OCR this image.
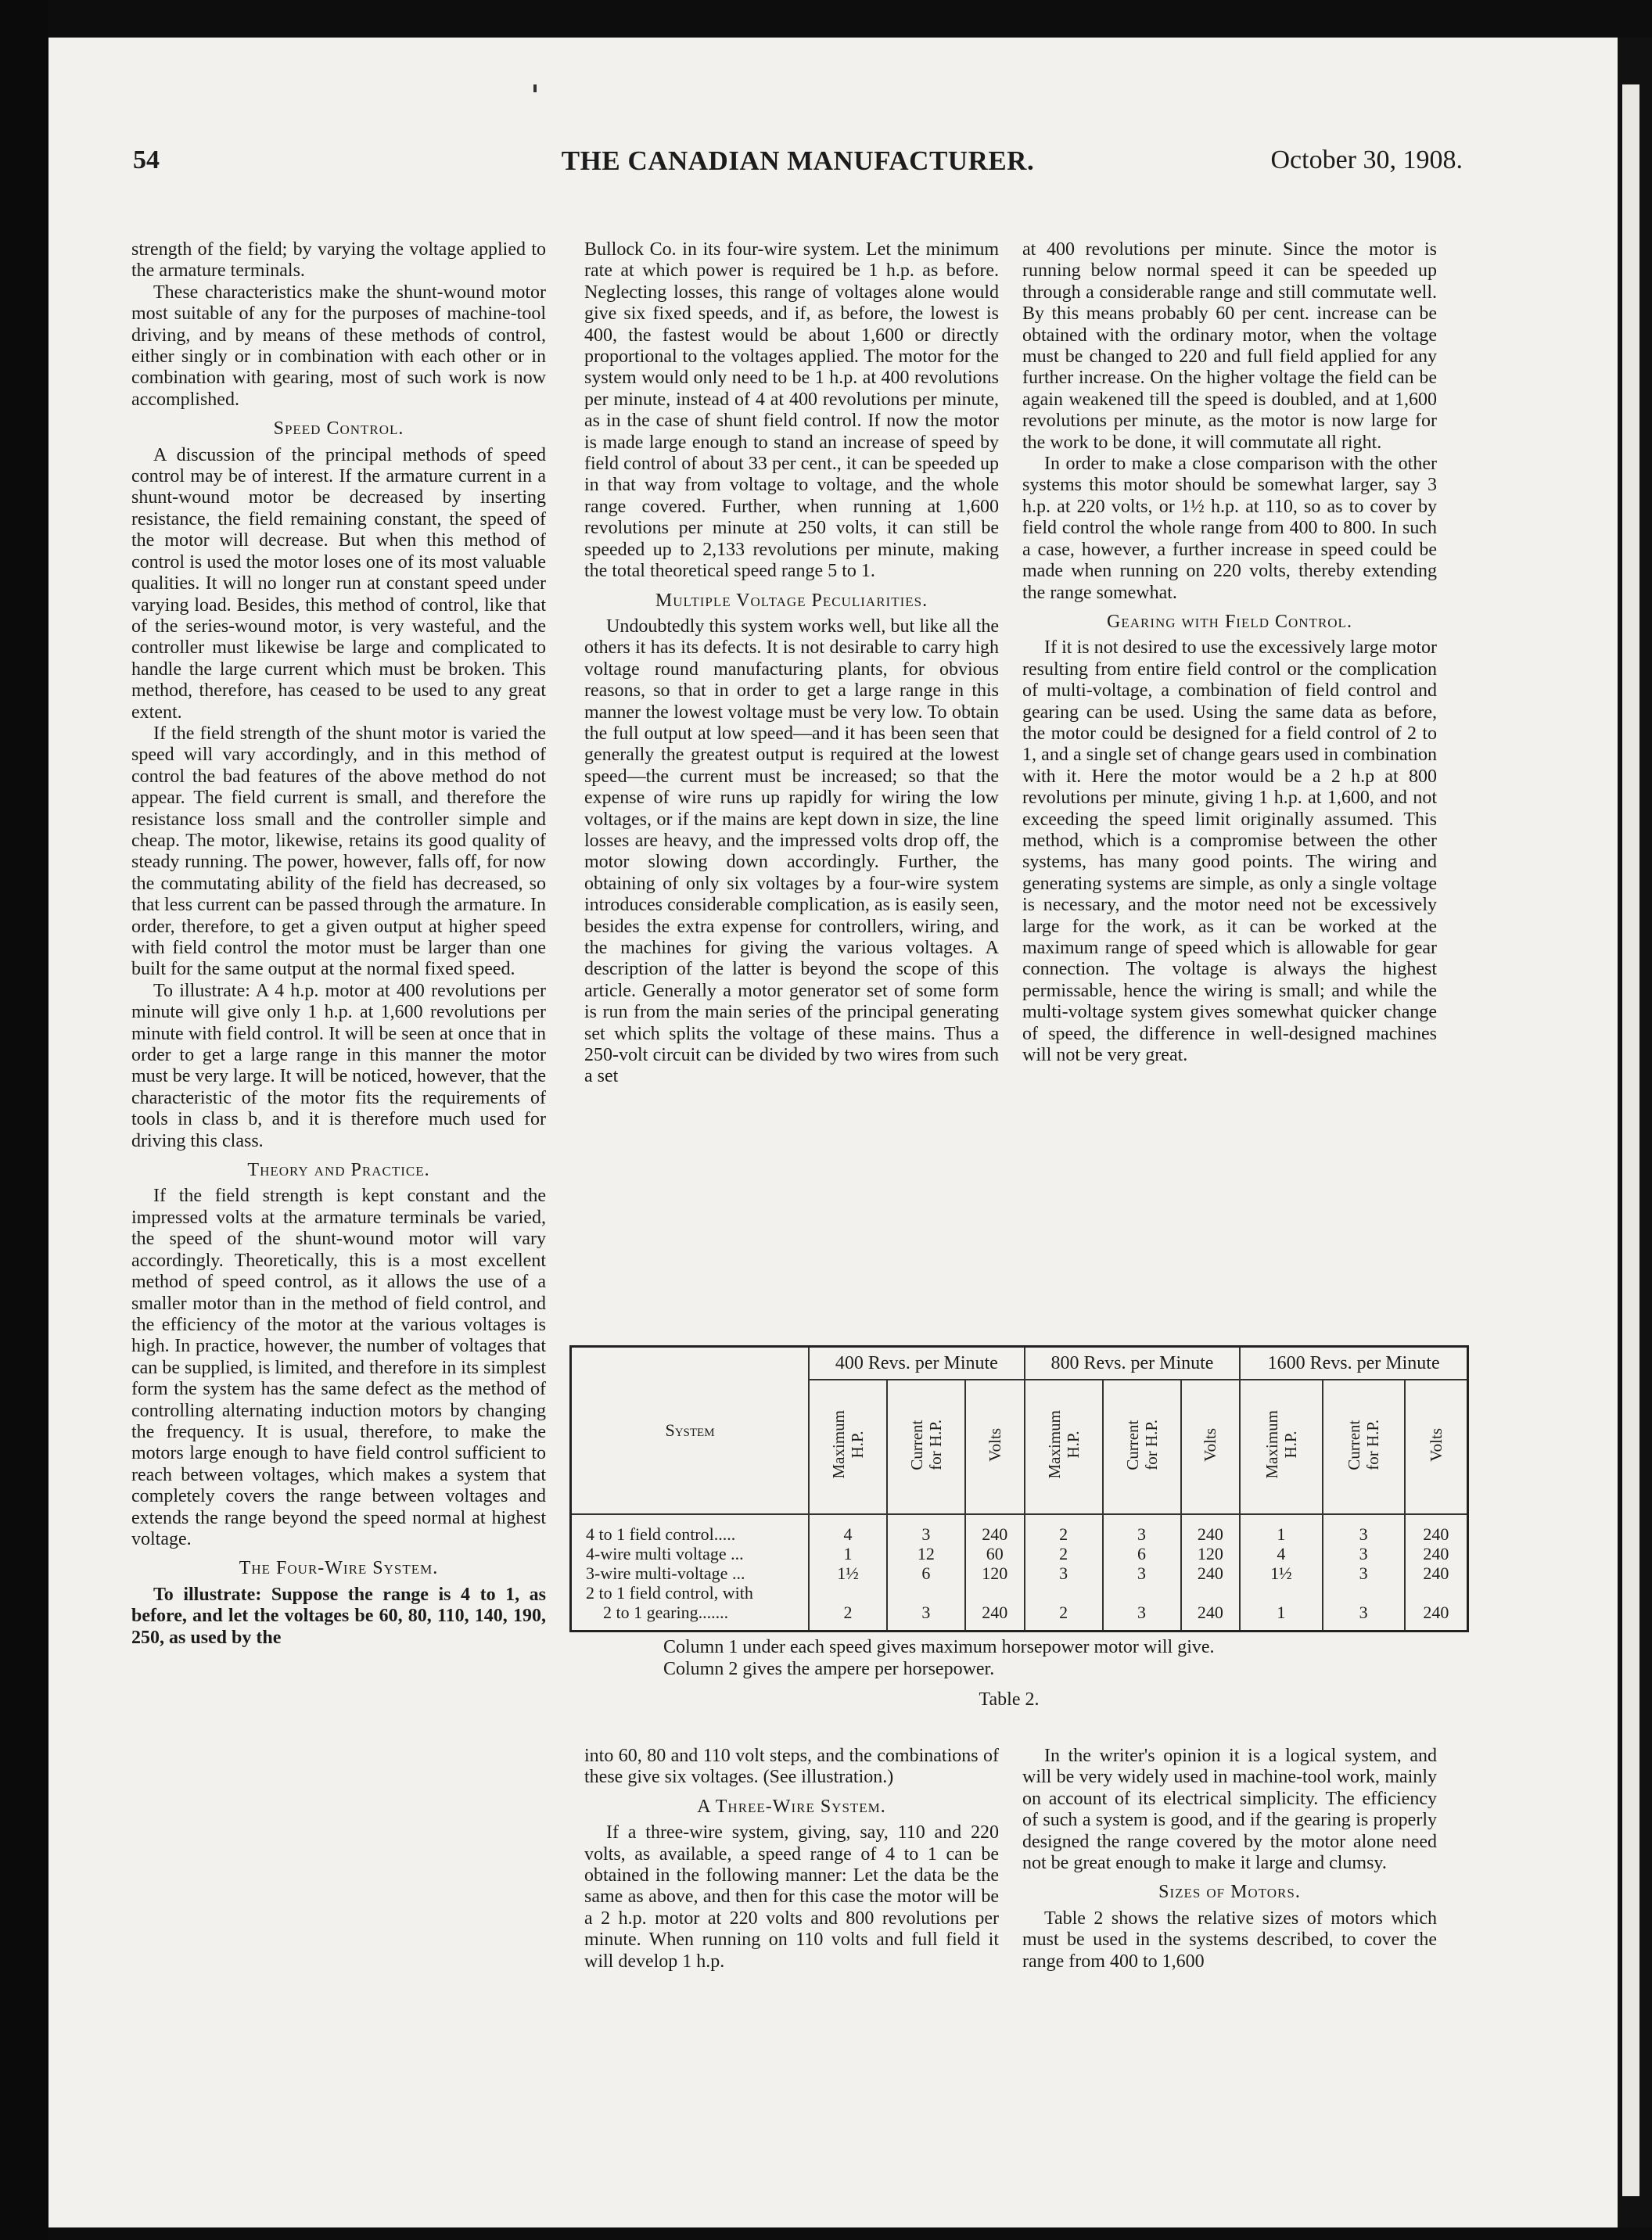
54	THE CANADIAN MANUFACTURER.	October 30, 1908.

strength of the field; by varying the voltage applied to the armature terminals.

These characteristics make the shunt-wound motor most suitable of any for the purposes of machine-tool driving, and by means of these methods of control, either singly or in combination with each other or in combination with gearing, most of such work is now accomplished.

Speed Control.

A discussion of the principal methods of speed control may be of interest. If the armature current in a shunt-wound motor be decreased by inserting resistance, the field remaining constant, the speed of the motor will decrease. But when this method of control is used the motor loses one of its most valuable qualities. It will no longer run at constant speed under varying load. Besides, this method of control, like that of the series-wound motor, is very wasteful, and the controller must likewise be large and complicated to handle the large current which must be broken. This method, therefore, has ceased to be used to any great extent.

If the field strength of the shunt motor is varied the speed will vary accordingly, and in this method of control the bad features of the above method do not appear. The field current is small, and therefore the resistance loss small and the controller simple and cheap. The motor, likewise, retains its good quality of steady running. The power, however, falls off, for now the commutating ability of the field has decreased, so that less current can be passed through the armature. In order, therefore, to get a given output at higher speed with field control the motor must be larger than one built for the same output at the normal fixed speed.

To illustrate: A 4 h.p. motor at 400 revolutions per minute will give only 1 h.p. at 1,600 revolutions per minute with field control. It will be seen at once that in order to get a large range in this manner the motor must be very large. It will be noticed, however, that the characteristic of the motor fits the requirements of tools in class b, and it is therefore much used for driving this class.

Theory and Practice.

If the field strength is kept constant and the impressed volts at the armature terminals be varied, the speed of the shunt-wound motor will vary accordingly. Theoretically, this is a most excellent method of speed control, as it allows the use of a smaller motor than in the method of field control, and the efficiency of the motor at the various voltages is high. In practice, however, the number of voltages that can be supplied, is limited, and therefore in its simplest form the system has the same defect as the method of controlling alternating induction motors by changing the frequency. It is usual, therefore, to make the motors large enough to have field control sufficient to reach between voltages, which makes a system that completely covers the range between voltages and extends the range beyond the speed normal at highest voltage.

The Four-Wire System.

To illustrate: Suppose the range is 4 to 1, as before, and let the voltages be 60, 80, 110, 140, 190, 250, as used by the

Bullock Co. in its four-wire system. Let the minimum rate at which power is required be 1 h.p. as before. Neglecting losses, this range of voltages alone would give six fixed speeds, and if, as before, the lowest is 400, the fastest would be about 1,600 or directly proportional to the voltages applied. The motor for the system would only need to be 1 h.p. at 400 revolutions per minute, instead of 4 at 400 revolutions per minute, as in the case of shunt field control. If now the motor is made large enough to stand an increase of speed by field control of about 33 per cent., it can be speeded up in that way from voltage to voltage, and the whole range covered. Further, when running at 1,600 revolutions per minute at 250 volts, it can still be speeded up to 2,133 revolutions per minute, making the total theoretical speed range 5 to 1.

Multiple Voltage Peculiarities.

Undoubtedly this system works well, but like all the others it has its defects. It is not desirable to carry high voltage round manufacturing plants, for obvious reasons, so that in order to get a large range in this manner the lowest voltage must be very low. To obtain the full output at low speed—and it has been seen that generally the greatest output is required at the lowest speed—the current must be increased; so that the expense of wire runs up rapidly for wiring the low voltages, or if the mains are kept down in size, the line losses are heavy, and the impressed volts drop off, the motor slowing down accordingly. Further, the obtaining of only six voltages by a four-wire system introduces considerable complication, as is easily seen, besides the extra expense for controllers, wiring, and the machines for giving the various voltages. A description of the latter is beyond the scope of this article. Generally a motor generator set of some form is run from the main series of the principal generating set which splits the voltage of these mains. Thus a 250-volt circuit can be divided by two wires from such a set

at 400 revolutions per minute. Since the motor is running below normal speed it can be speeded up through a considerable range and still commutate well. By this means probably 60 per cent. increase can be obtained with the ordinary motor, when the voltage must be changed to 220 and full field applied for any further increase. On the higher voltage the field can be again weakened till the speed is doubled, and at 1,600 revolutions per minute, as the motor is now large for the work to be done, it will commutate all right.

In order to make a close comparison with the other systems this motor should be somewhat larger, say 3 h.p. at 220 volts, or 1½ h.p. at 110, so as to cover by field control the whole range from 400 to 800. In such a case, however, a further increase in speed could be made when running on 220 volts, thereby extending the range somewhat.

Gearing with Field Control.

If it is not desired to use the excessively large motor resulting from entire field control or the complication of multi-voltage, a combination of field control and gearing can be used. Using the same data as before, the motor could be designed for a field control of 2 to 1, and a single set of change gears used in combination with it. Here the motor would be a 2 h.p at 800 revolutions per minute, giving 1 h.p. at 1,600, and not exceeding the speed limit originally assumed. This method, which is a compromise between the other systems, has many good points. The wiring and generating systems are simple, as only a single voltage is necessary, and the motor need not be excessively large for the work, as it can be worked at the maximum range of speed which is allowable for gear connection. The voltage is always the highest permissable, hence the wiring is small; and while the multi-voltage system gives somewhat quicker change of speed, the difference in well-designed machines will not be very great.

System	400 Revs. per Minute			800 Revs. per Minute			1600 Revs. per Minute		
	Maximum
H.P.	Current
for H.P.	Volts	Maximum
H.P.	Current
for H.P.	Volts	Maximum
H.P.	Current
for H.P.	Volts

4 to 1 field control.....	4	3	240	2	3	240	1	3	240
4-wire multi voltage ...	1	12	60	2	6	120	4	3	240
3-wire multi-voltage ...	1½	6	120	3	3	240	1½	3	240
2 to 1 field control, with									
2 to 1 gearing.......	2	3	240	2	3	240	1	3	240
Column 1 under each speed gives maximum horsepower motor will give.
Column 2 gives the ampere per horsepower.
Table 2.

into 60, 80 and 110 volt steps, and the combinations of these give six voltages. (See illustration.)

A Three-Wire System.

If a three-wire system, giving, say, 110 and 220 volts, as available, a speed range of 4 to 1 can be obtained in the following manner: Let the data be the same as above, and then for this case the motor will be a 2 h.p. motor at 220 volts and 800 revolutions per minute. When running on 110 volts and full field it will develop 1 h.p.

In the writer's opinion it is a logical system, and will be very widely used in machine-tool work, mainly on account of its electrical simplicity. The efficiency of such a system is good, and if the gearing is properly designed the range covered by the motor alone need not be great enough to make it large and clumsy.

Sizes of Motors.

Table 2 shows the relative sizes of motors which must be used in the systems described, to cover the range from 400 to 1,600
